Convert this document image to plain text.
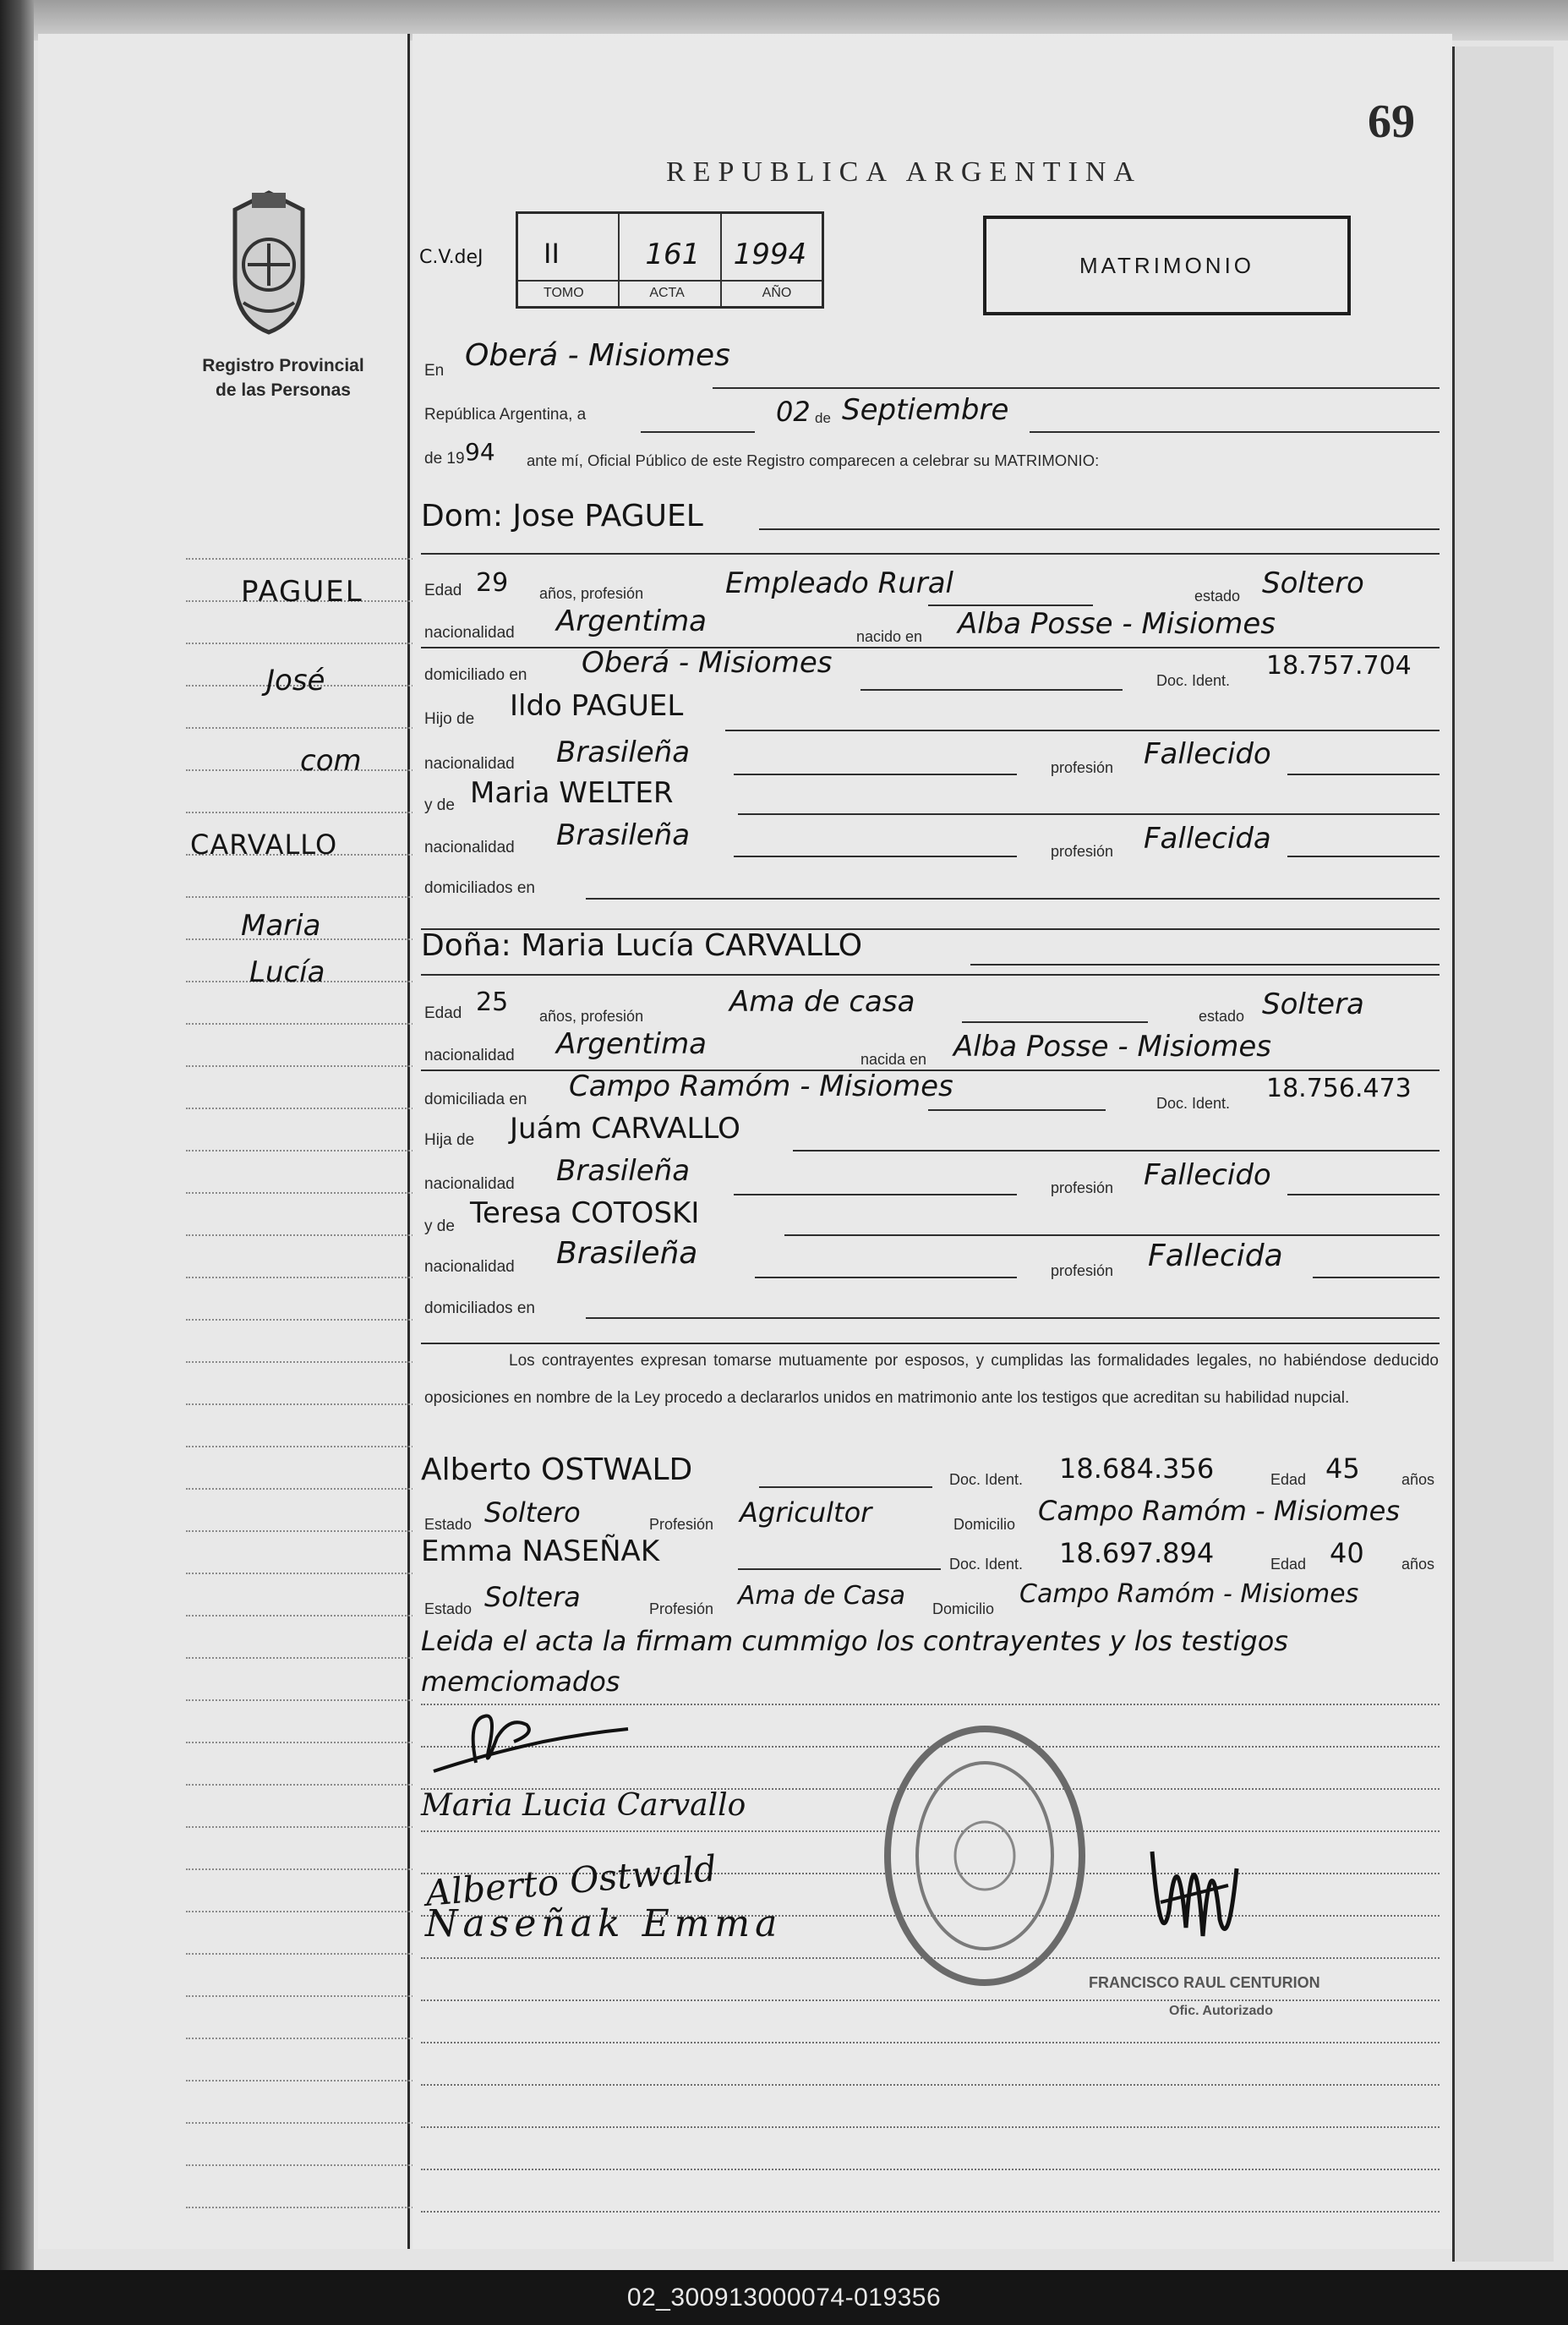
Registro Provincial
de las Personas
PAGUEL
José
com
CARVALLO
Maria
Lucía
69
REPUBLICA ARGENTINA
C.V.deJ II
TOMO
161
ACTA
1994
AÑO
MATRIMONIO
En Oberá - Misiomes
República Argentina, a	02 de Septiembre
de 19 94 ante mí, Oficial Público de este Registro comparecen a celebrar su MATRIMONIO:
Dom: Jose PAGUEL
Edad 29 años, profesión	Empleado Rural	estado Soltero
nacionalidad Argentima	nacido en Alba Posse - Misiomes
domiciliado en Oberá - Misiomes
Doc. Ident. 18.757.704
Hijo de Ildo PAGUEL
nacionalidad Brasileña	profesión Fallecido
y de Maria WELTER
nacionalidad Brasileña	profesión Fallecida
domiciliados en
Doña: Maria Lucía CARVALLO
Edad 25 años, profesión	Ama de casa	estado Soltera
nacionalidad Argentima	nacida en Alba Posse - Misiomes
domiciliada en Campo Ramóm - Misiomes	Doc. Ident. 18.756.473
Hija de Juám CARVALLO
nacionalidad Brasileña	profesión Fallecido
y de Teresa COTOSKI
nacionalidad Brasileña	profesión Fallecida
domiciliados en
Los contrayentes expresan tomarse mutuamente por esposos, y cumplidas las formalidades legales, no habiéndose deducido oposiciones en nombre de la Ley procedo a declararlos unidos en matrimonio ante los testigos que acreditan su habilidad nupcial.
Alberto OSTWALD	Doc. Ident. 18.684.356	Edad 45	años
Estado Soltero	Profesión Agricultor	Domicilio Campo Ramóm - Misiomes
Emma NASEÑAK	Doc. Ident. 18.697.894	Edad 40 años
Estado Soltera	Profesión Ama de Casa Domicilio Campo Ramóm - Misiomes
Leida el acta la firmam cummigo los contrayentes y los testigos
memciomados
Maria Lucia Carvallo
Alberto Ostwald
Naseñak Emma
FRANCISCO RAUL CENTURION
Ofic. Autorizado
02_300913000074-019356
